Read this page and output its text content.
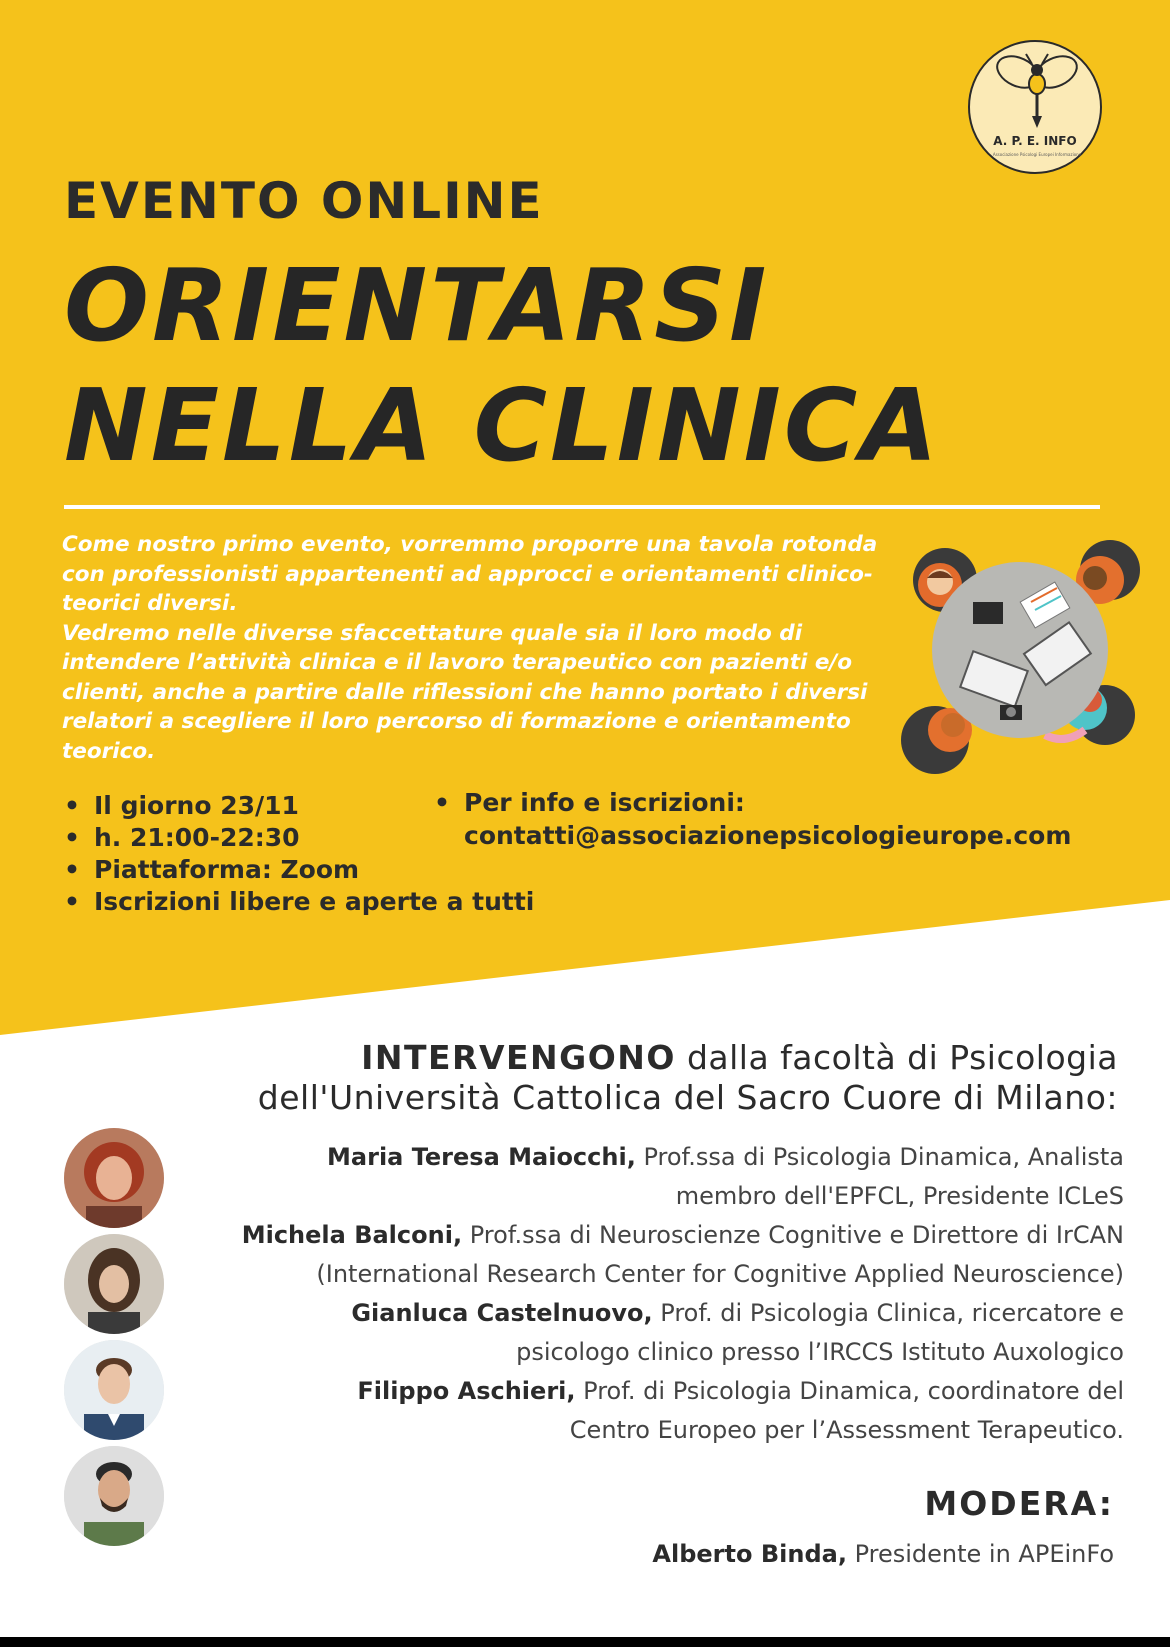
A. P. E. INFO
Associazione Psicologi Europei Informazione
EVENTO ONLINE
ORIENTARSI
NELLA CLINICA

Come nostro primo evento, vorremmo proporre una tavola rotonda con professionisti appartenenti ad approcci e orientamenti clinico-teorici diversi.

Vedremo nelle diverse sfaccettature quale sia il loro modo di intendere l’attività clinica e il lavoro terapeutico con pazienti e/o clienti, anche a partire dalle riflessioni che hanno portato i diversi relatori a scegliere il loro percorso di formazione e orientamento teorico.

• Il giorno 23/11
• h. 21:00-22:30
• Piattaforma: Zoom
• Iscrizioni libere e aperte a tutti
• Per info e iscrizioni:
contatti@associazionepsicologieurope.com
INTERVENGONO dalla facoltà di Psicologia
dell'Università Cattolica del Sacro Cuore di Milano:
Maria Teresa Maiocchi, Prof.ssa di Psicologia Dinamica, Analista
membro dell'EPFCL, Presidente ICLeS
Michela Balconi, Prof.ssa di Neuroscienze Cognitive e Direttore di IrCAN
(International Research Center for Cognitive Applied Neuroscience)
Gianluca Castelnuovo, Prof. di Psicologia Clinica, ricercatore e
psicologo clinico presso l’IRCCS Istituto Auxologico
Filippo Aschieri, Prof. di Psicologia Dinamica, coordinatore del
Centro Europeo per l’Assessment Terapeutico.
MODERA:
Alberto Binda, Presidente in APEinFo
